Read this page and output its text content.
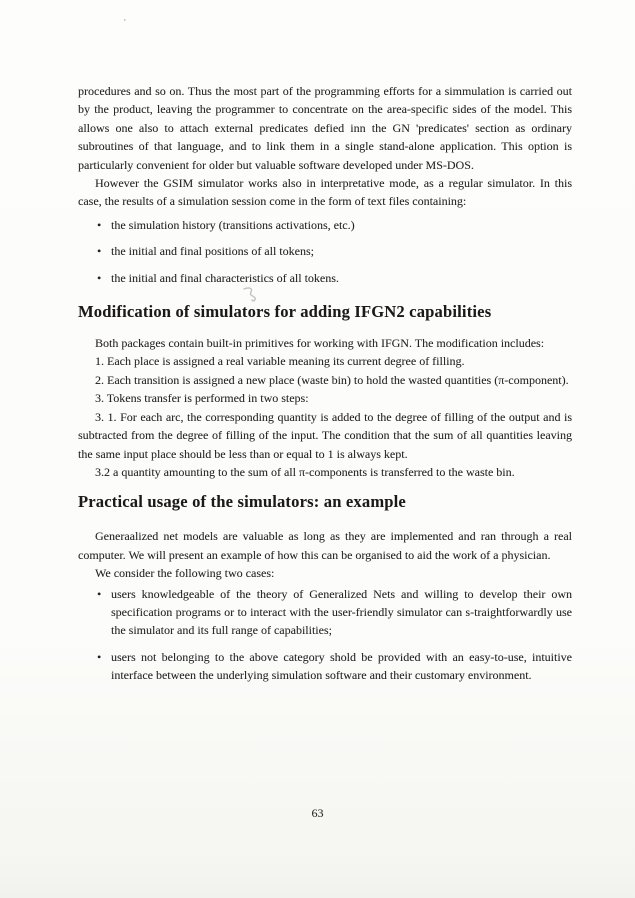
’

procedures and so on. Thus the most part of the programming efforts for a simmulation is carried out by the product, leaving the programmer to concentrate on the area-specific sides of the model. This allows one also to attach external predicates defied inn the GN 'predicates' section as ordinary subroutines of that language, and to link them in a single stand-alone application. This option is particularly convenient for older but valuable software developed under MS-DOS.

However the GSIM simulator works also in interpretative mode, as a regular simulator. In this case, the results of a simulation session come in the form of text files containing:

• the simulation history (transitions activations, etc.)
• the initial and final positions of all tokens;
• the initial and final characteristics of all tokens.
Modification of simulators for adding IFGN2 capabilities

Both packages contain built-in primitives for working with IFGN. The modification includes:

1. Each place is assigned a real variable meaning its current degree of filling.

2. Each transition is assigned a new place (waste bin) to hold the wasted quantities (π-component).

3. Tokens transfer is performed in two steps:

3. 1. For each arc, the corresponding quantity is added to the degree of filling of the output and is subtracted from the degree of filling of the input. The condition that the sum of all quantities leaving the same input place should be less than or equal to 1 is always kept.

3.2 a quantity amounting to the sum of all π-components is transferred to the waste bin.

Practical usage of the simulators: an example

Generaalized net models are valuable as long as they are implemented and ran through a real computer. We will present an example of how this can be organised to aid the work of a physician.

We consider the following two cases:

• users knowledgeable of the theory of Generalized Nets and willing to develop their own specification programs or to interact with the user-friendly simulator can s-traightforwardly use the simulator and its full range of capabilities;
• users not belonging to the above category shold be provided with an easy-to-use, intuitive interface between the underlying simulation software and their customary environment.
63
